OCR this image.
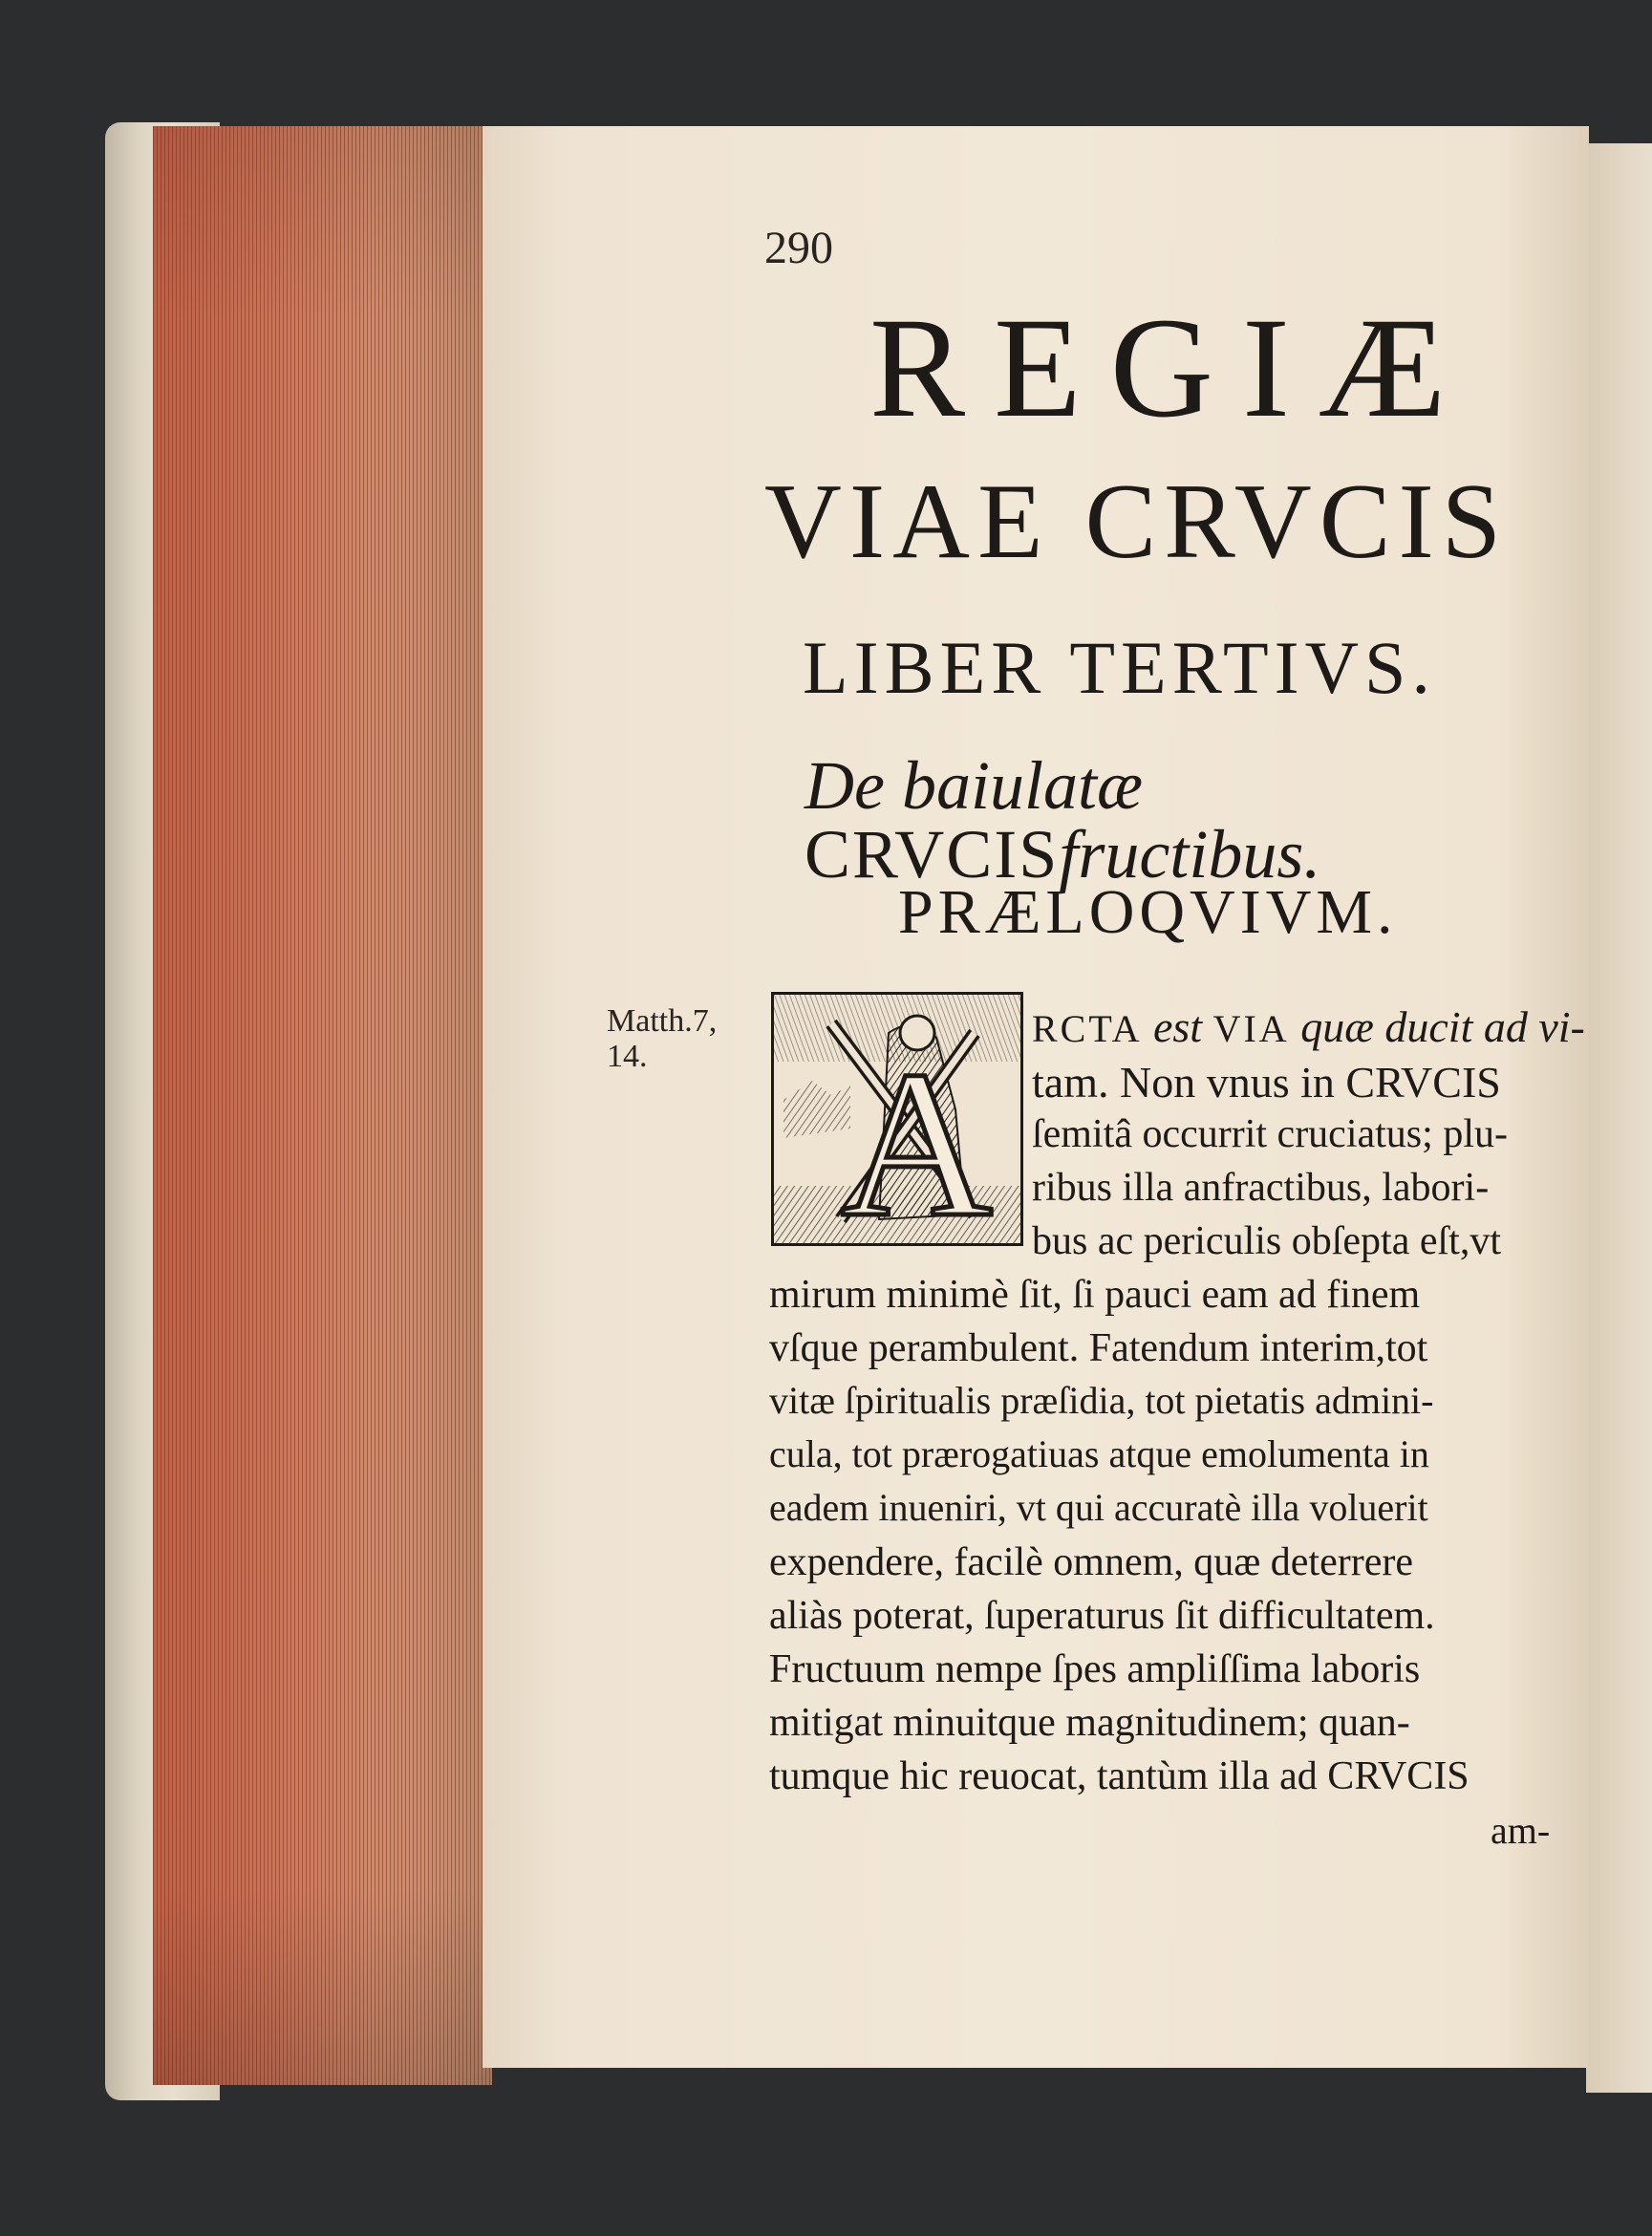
290
REGIÆ
VIAE CRVCIS
LIBER TERTIVS.
De baiulatæ CRVCISfructibus.
PRÆLOQVIVM.
Matth.7,
14. A RCTA est VIA quæ ducit ad vi-
tam. Non vnus in CRVCIS
ſemitâ occurrit cruciatus; plu-
ribus illa anfractibus, labori-
bus ac periculis obſepta eſt,vt
mirum minimè ſit, ſi pauci eam ad finem
vſque perambulent. Fatendum interim,tot
vitæ ſpiritualis præſidia, tot pietatis admini-
cula, tot prærogatiuas atque emolumenta in
eadem inueniri, vt qui accuratè illa voluerit
expendere, facilè omnem, quæ deterrere
aliàs poterat, ſuperaturus ſit difficultatem.
Fructuum nempe ſpes ampliſſima laboris
mitigat minuitque magnitudinem; quan-
tumque hic reuocat, tantùm illa ad CRVCIS
am-
